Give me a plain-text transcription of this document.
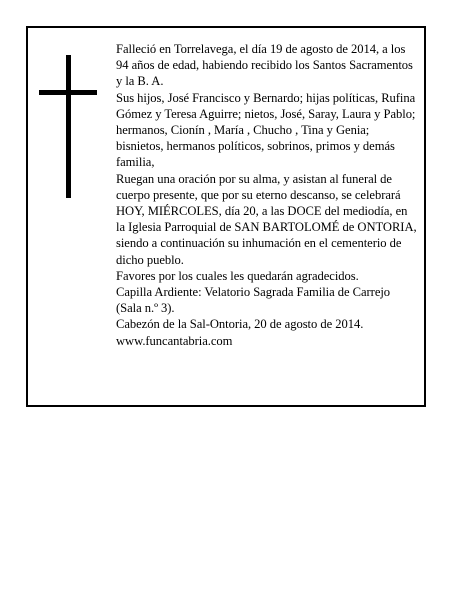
Falleció en Torrelavega, el día 19 de agosto de 2014, a los 94 años de edad, habiendo recibido los Santos Sacramentos y la B. A.

Sus hijos, José Francisco y Bernardo; hijas políticas, Rufina Gómez y Teresa Aguirre; nietos, José, Saray, Laura y Pablo; hermanos, Cionín , María , Chucho , Tina y Genia; bisnietos, hermanos políticos, sobrinos, primos y demás familia,

Ruegan una oración por su alma, y asistan al funeral de cuerpo presente, que por su eterno descanso, se celebrará HOY, MIÉRCOLES, día 20, a las DOCE del mediodía, en la Iglesia Parroquial de SAN BARTOLOMÉ de ONTORIA, siendo a continuación su inhumación en el cementerio de dicho pueblo.

Favores por los cuales les quedarán agradecidos.

Capilla Ardiente: Velatorio Sagrada Familia de Carrejo (Sala n.º 3).

Cabezón de la Sal-Ontoria, 20 de agosto de 2014.

www.funcantabria.com
